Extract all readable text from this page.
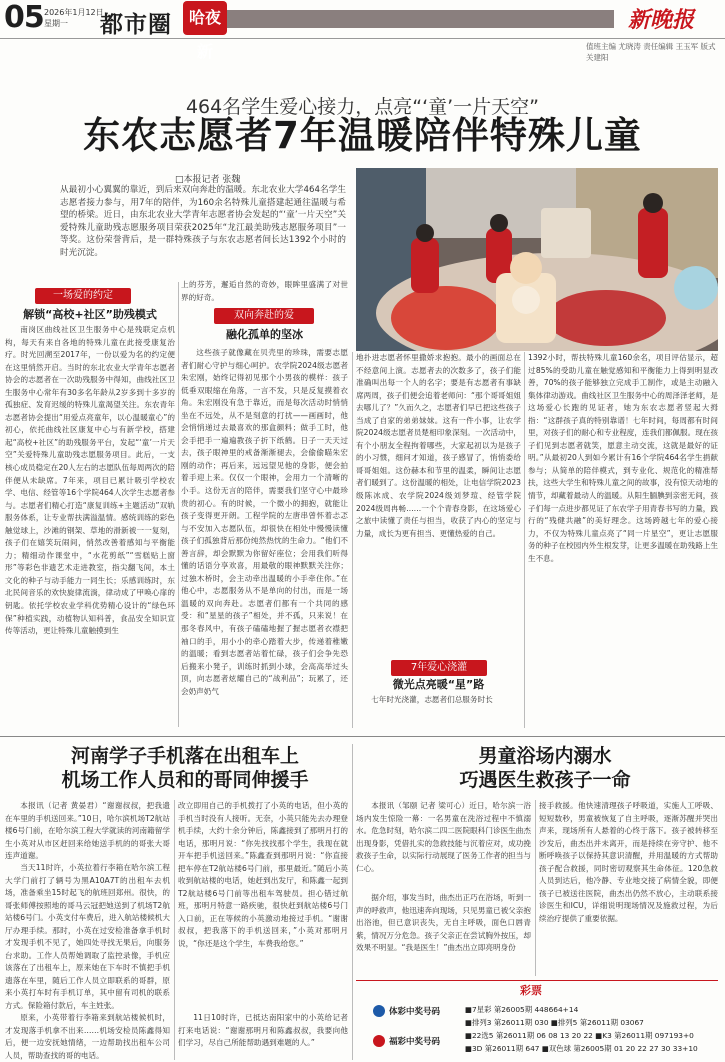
05 2026年1月12日
星期一	都市圈	哈夜新
新晚报
值班主编 尤晓涛 责任编辑 王玉军 版式 关建阳
464名学生爱心接力，点亮“‘童’一片天空”
东农志愿者7年温暖陪伴特殊儿童
□本报记者 张魏
从最初小心翼翼的靠近，到后来双向奔赴的温暖。东北农业大学464名学生志愿者接力参与，用7年的陪伴，为160余名特殊儿童搭建起通往温暖与希望的桥梁。近日，由东北农业大学青年志愿者协会发起的“‘童’一片天空”关爱特殊儿童助残志愿服务项目荣获2025年“龙江最美助残志愿服务项目”一等奖。这份荣誉背后，是一群特殊孩子与东农志愿者间长达1392个小时的时光沉淀。
一场爱的约定
解锁“高校+社区”助残模式
南岗区曲线社区卫生服务中心是残联定点机构，每天有来自各地的特殊儿童在此接受康复治疗。时光回溯至2017年，一份以爱为名的约定便在这里悄然开启。当时的东北农业大学青年志愿者协会的志愿者在一次助残服务中得知，曲线社区卫生服务中心常年有30多名年龄从2岁多到十多岁的孤独症、发育迟缓的特殊儿童渴望关注。东农青年志愿者协会提出“用爱点亮童年，以心温暖童心”的初心，依托曲线社区康复中心与有新学校，搭建起“高校+社区”的助残服务平台，发起“‘童’一片天空”关爱特殊儿童助残志愿服务项目。此后，一支核心成员稳定在20人左右的志愿队伍每周两次的陪伴便从未缺席。7年来，项目已累计吸引学校农学、电信、经管等16个学院464人次学生志愿者参与。志愿者们精心打造“康复训练+主题活动”双轨服务体系，让专业帮扶满溢温情。感统训练的彩色触觉球上，沙滩的钢架、草地的滑新被一一复刻，孩子们在嬉笑玩闹间，悄然改善着感知与平衡能力；精细动作课堂中，“水花剪纸”“雪糕贴上窗形”等彩色非遗艺术走进教室，指尖翻飞间，本土文化的种子与动手能力一同生长；乐感训练时，东北民间音乐的欢快旋律流淌，律动成了甲唤心扉的钥匙。依托学校农业学科优势精心设计的“绿色环保”种植实践，动植物认知科普，食品安全知识宣传等活动，更让特殊儿童触摸到生
上的芬芳，邂逅自然的奇妙，眼眸里盛满了对世界的好奇。
双向奔赴的爱
融化孤单的坚冰
这些孩子就像藏在贝壳里的珍珠，需要志愿者们耐心守护与细心呵护。农学院2024级志愿者朱宏刚，始终记得初见那个小男孩的模样：孩子低垂双眼缩在角落，一言不发，只是反复摸着衣角。朱宏刚没有急于靠近，而是每次活动时悄悄坐在不远处，从不是刻意的打扰——画画时，他会悄悄递过去最喜欢的那盒颜料；做手工时，他会手把手一遍遍教孩子折下纸鹤。日子一天天过去，孩子眼神里的戒备渐渐褪去，会偷偷瞄朱宏刚的动作；再后来，远远望见他的身影，便会拍着手迎上来。仅仅一个眼神，会用力一个清晰的小手。这份无言的陪伴，需要我们坚守心中最珍贵的初心。有的时候，一个微小的拥抱，就能让孩子变得更开朗。工程学院的左唐串曾怀着忐忑与不安加入志愿队伍，却很快在相处中慢慢读懂孩子们孤独背后那份纯然热忱的生命力。“他们不善言辞，却会默默为你留好座位；会用我们听得懂的话语分享欢喜，用最敬的眼神默默关注你；过独木桥时，会主动牵出温暖的小手牵住你。”在他心中，志愿服务从不是单向的付出，而是一场温暖的双向奔赴。志愿者们都有一个共同的感受：和“星星的孩子”相处，并不孤，只来说！在那冬春风中，有孩子磕磕地握了握志愿者衣襟把袖口的手，用小小的牵心踏着大步，传递着稚嫩的温暖；看到志愿者站着忙碌，孩子们会争先恐后搬来小凳子，训练时抓到小球，会高高举过头顶，向志愿者炫耀自己的“战利品”；玩累了，还会奶声奶气
地扑进志愿者怀里撒娇求抱抱。最小的画面总在不经意间上演。志愿者去的次数多了，孩子们能准确叫出每一个人的名字；要是有志愿者有事缺席两周，孩子们便会追着老师问：“那个哥哥姐姐去哪儿了？”久而久之，志愿者们早已把这些孩子当成了自家的弟弟妹妹。这有一件小事，让农学院2024级志愿者员楚相印象深刻。一次活动中，有个小朋友全程拘着哪些，大家起初以为是孩子的小习惯，细问才知道，孩子感冒了，悄悄委给哥哥姐姐。这份赫本和节里的温柔，瞬间让志愿者们暖到了。这份温暖的相处，让电信学院2023级陈冰成、农学院2024级刘梦瑄、经管学院2024级周冉畅……一个个青春身影，在这场爱心之旅中读懂了责任与担当，收获了内心的坚定与力量，成长为更有担当、更懂热爱的自己。
7年爱心浇灌
微光点亮暖“星”路
七年时光浇灌，志愿者们总服务时长
1392小时，帮扶特殊儿童160余名，项目评估显示，超过85%的受助儿童在触觉感知和平衡能力上得到明显改善，70%的孩子能够独立完成手工制作，或是主动融入集体律动游戏。曲线社区卫生服务中心的周泽泽老师，是这场爱心长跑的见证者，她为东农志愿者竖起大拇指：“这群孩子真的特别靠谱！七年时间，每周都有时间里，对孩子们的耐心和专业程度，连我们都佩服。现在孩子们见到志愿者就笑，愿意主动交流，这就是最好的证明。”从最初20人到如今累计有16个学院464名学生捐献参与；从简单的陪伴模式，到专业化、规范化的精准帮扶，这些大学生和特殊儿童之间的故事，没有惊天动地的情节，却藏着最动人的温暖。从阳生腼腆到亲密无间，孩子们每一点进步都见证了东农学子用青春书写的力量，践行的“残健共融”的美好理念。这场跨越七年的爱心接力，不仅为特殊儿童点亮了“同一片星空”，更让志愿服务的种子在校园内外生根发芽，让更多温暖在助残路上生生不息。
河南学子手机落在出租车上
机场工作人员和的哥同伸援手
本报讯（记者 黄晏君）“谢谢叔叔，把我遗在车里的手机送回来。”10日，哈尔滨机场T2航站楼6号门前，在哈尔滨工程大学就读的河南籍留学生小英对从市区赶回来给她送手机的的哥张大哥连声道谢。
当天11时许，小英拉着行李箱在哈尔滨工程大学门前打了辆号为黑A10A7T的出租车去机场，准备乘坐15时起飞的航班回郑州。很快，的哥张师傅按照地的哥马云冠把她送到了机场T2航站楼6号门。小英支付车费后，进入航站楼候机大厅办理手续。那时，小英在过安检准备拿手机时才发现手机不见了，她四处寻找无果后，向服务台求助。工作人员帮她调取了监控录像，手机应该落在了出租车上，原来她在下车时不慎把手机遗落在车里，随后工作人员立即联系的哥群，原来小英打车时有手机订单，其中留有司机的联系方式。保险箱付款后，车主姓张。
原来，小英带着行李箱来到航站楼候机时，才发现落手机拿不出来……机场安检员陈鑫得知后，便一边安抚她情绪，一边帮助找出租车公司人员，帮助查找的哥的电话。
改立即用自己的手机拨打了小英的电话，但小英的手机当时没有人接听。无奈，小英只能先去办理登机手续，大约十余分钟后，陈鑫接到了那明月打的电话，那明月说：“你先找找那个学生，我现在就开车把手机送回来。”陈鑫查到那明月说：“你直接把车停在T2航站楼6号门前，那里最近。”随后小英收到航站楼的电话，她赶到出发厅，和陈鑫一起到T2航站楼6号门前等出租车驾驶员。担心错过航班，那明月特意一路疾驰，很快赶到航站楼6号门入口前，正在等候的小英激动地接过手机。“谢谢叔叔，把我落下的手机送回来，”小英对那明月说，“你还是这个学生，车费我给您。”
11日10时许，已抵达南阳家中的小英给记者打来电话说：“谢谢那明月和陈鑫叔叔，我要向他们学习，尽自己所能帮助遇到难题的人。”
男童浴场内溺水
巧遇医生救孩子一命
本报讯（邹颐 记者 梁可心）近日，哈尔滨一浴场内发生惊险一幕：一名男童在洗浴过程中不慎溺水。危急时刻，哈尔滨二四二医院眼科门诊医生曲杰出现身影，凭借扎实的急救技能与沉着应对，成功挽救孩子生命，以实际行动展现了医务工作者的担当与仁心。
据介绍，事发当时，曲杰出正巧在浴场，听到一声的呼救声，他迅速奔向现场，只见男童已被父亲抱出浴池，但已意识丧失，无自主呼吸，面色口唇青紫，情况万分危急。孩子父亲正在尝试胸外按压，却效果不明显。“我是医生！”曲杰出立即亮明身份
接手救援。他快速清理孩子呼吸道，实施人工呼吸、短短数秒，男童被恢复了自主呼吸，逐渐苏醒并哭出声来，现场所有人悬着的心终于落下。孩子被转移至沙发后，曲杰出并未离开，而是持续在旁守护、他不断呼唤孩子以保持其意识清醒，并用温暖的方式帮助孩子配合救援，同时密切观察其生命体征。120急救人员到达后，他冷静、专业地交接了病情全貌，即便孩子已被送往医院，曲杰出仍然不放心，主动联系接诊医生和ICU，详细说明现场情况及施救过程，为后续治疗提供了重要依据。
彩票
体彩中奖号码
福彩中奖号码
■7星彩 第26005期 448664+14
■排列3 第26011期 030 ■排列5 第26011期 03067
■22选5 第26011期 06 08 13 20 22 ■K3 第26011期 097193+0
■3D 第26011期 647 ■双色球 第26005期 01 20 22 27 30 33+10
